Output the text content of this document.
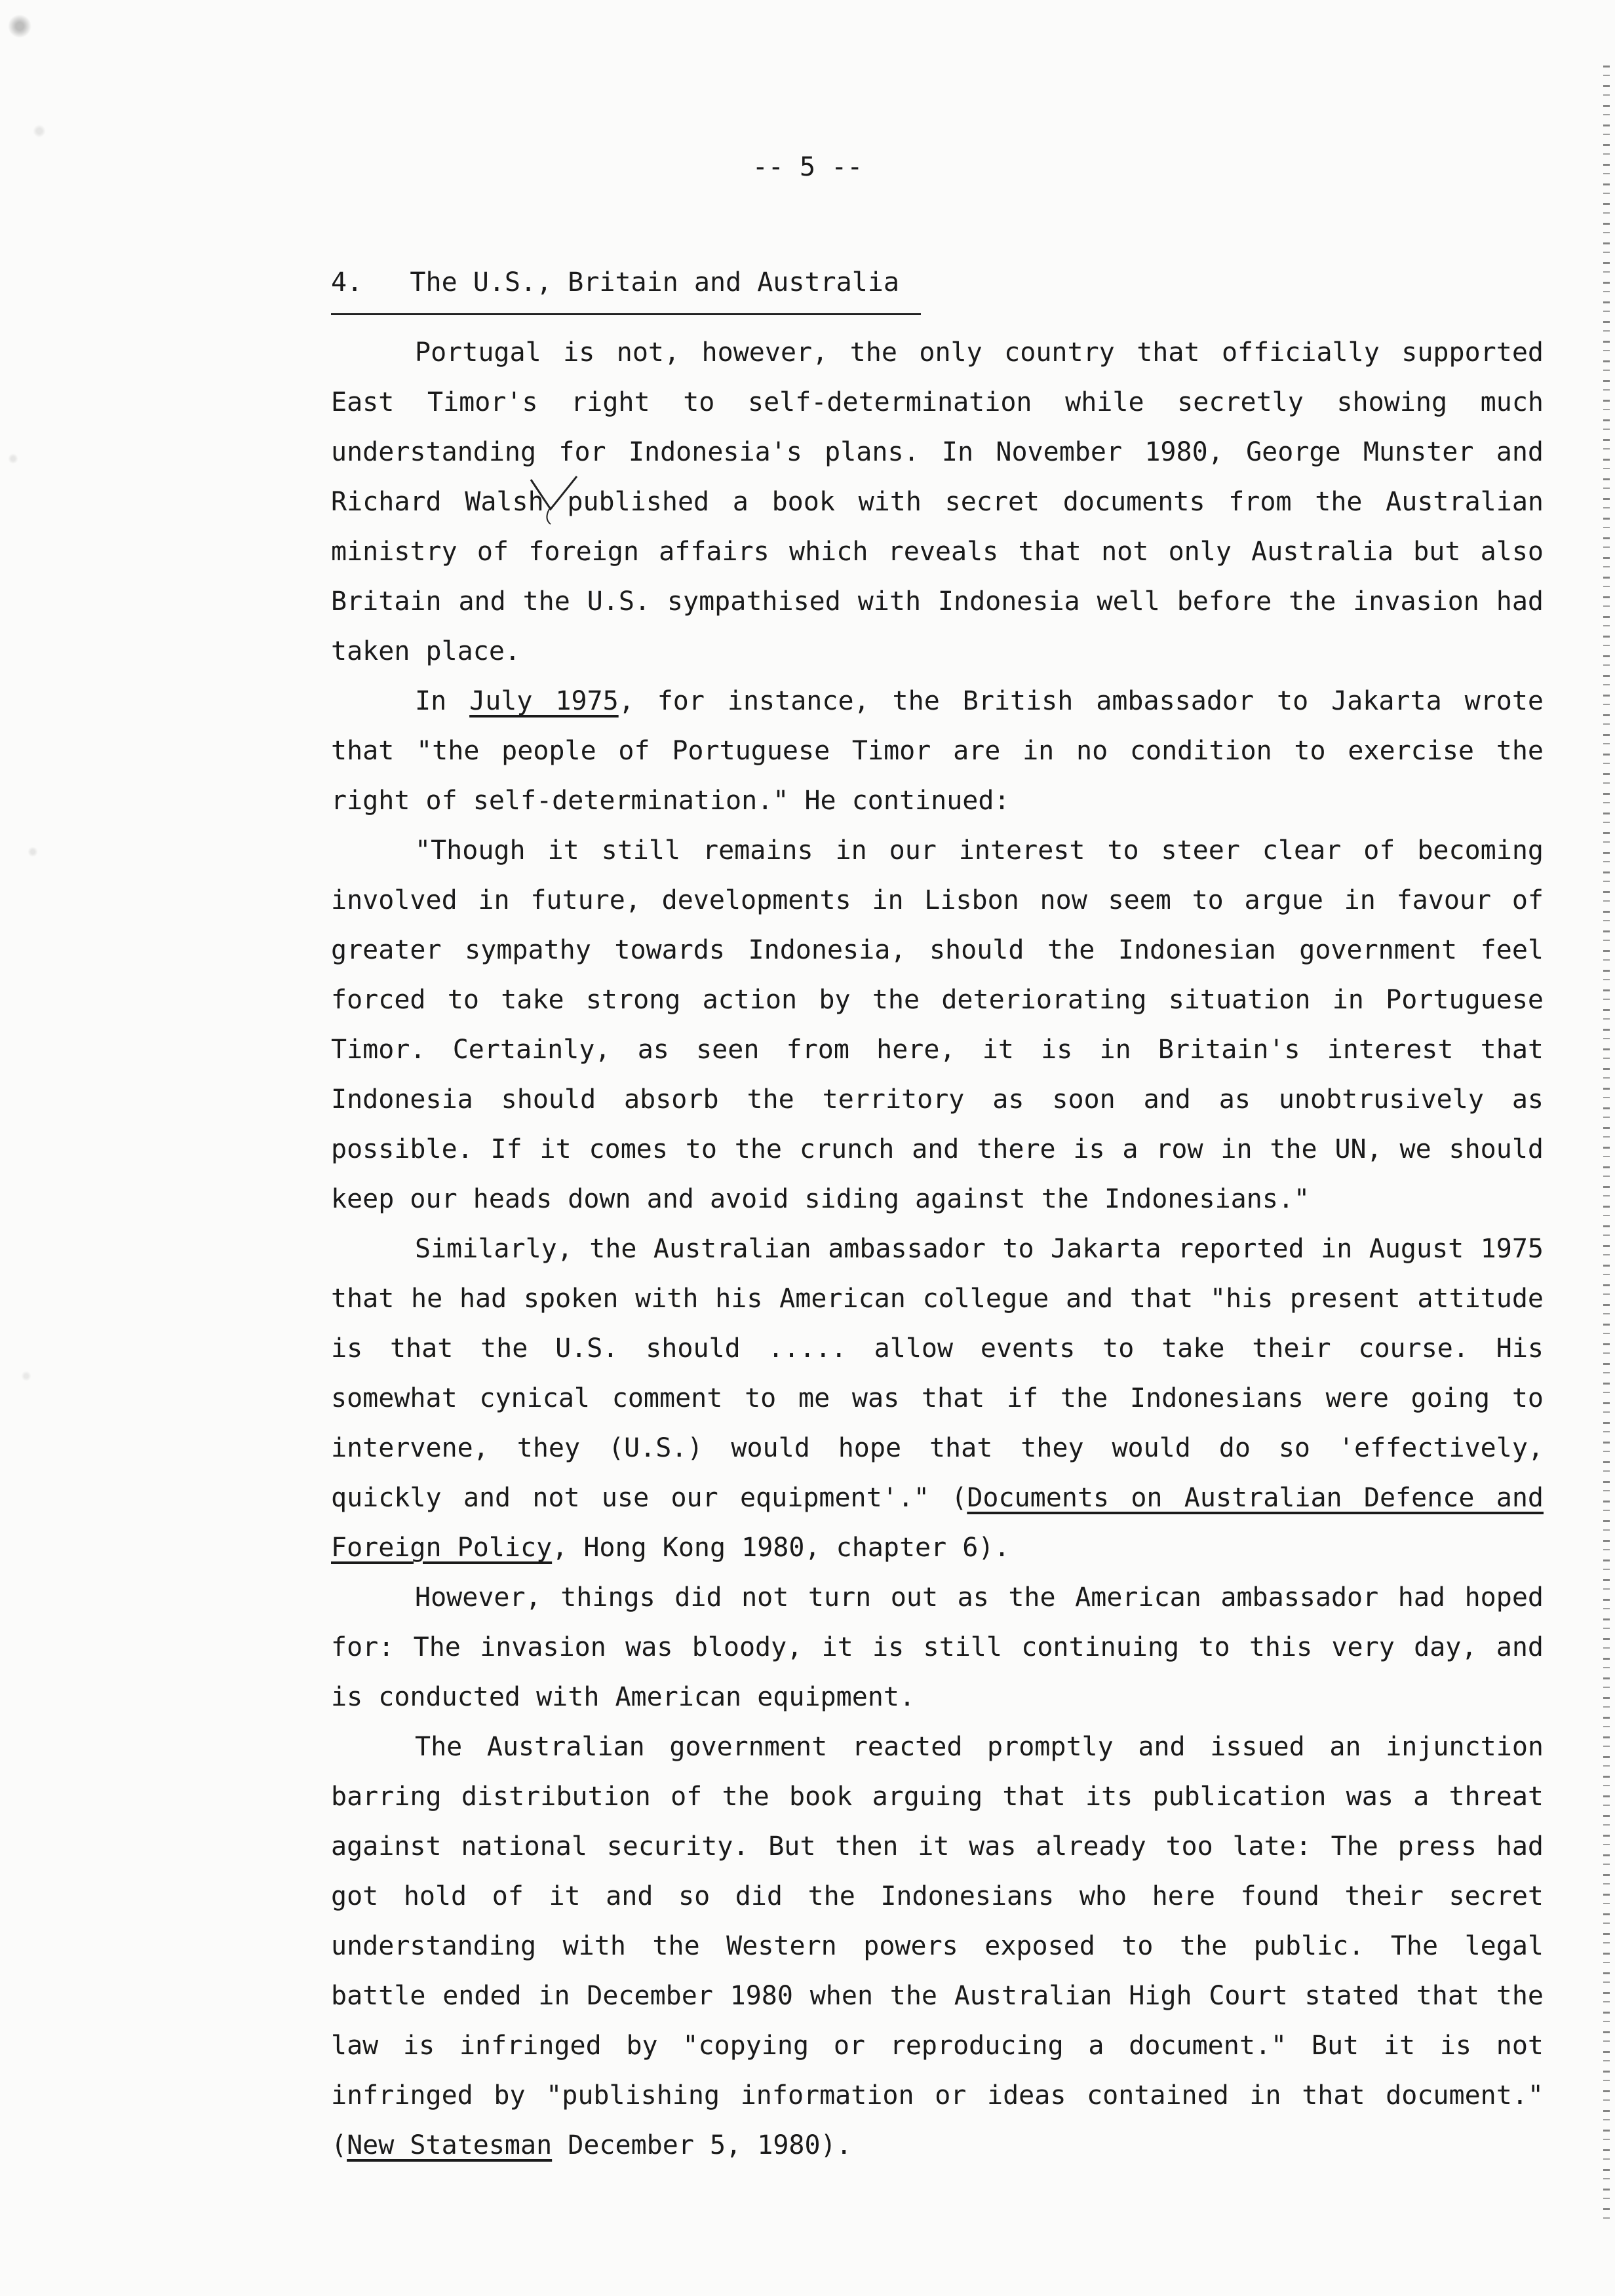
-- 5 --
4.   The U.S., Britain and Australia

Portugal is not, however, the only country that officially supported East Timor's right to self-determination while secretly showing much understanding for Indonesia's plans. In November 1980, George Munster and Richard Walsh published a book with secret documents from the Australian ministry of foreign affairs which reveals that not only Australia but also Britain and the U.S. sympathised with Indonesia well before the invasion had taken place.

In July 1975, for instance, the British ambassador to Jakarta wrote that "the people of Portuguese Timor are in no condition to exercise the right of self-determination." He continued:

"Though it still remains in our interest to steer clear of becoming involved in future, developments in Lisbon now seem to argue in favour of greater sympathy towards Indonesia, should the Indonesian government feel forced to take strong action by the deteriorating situation in Portuguese Timor. Certainly, as seen from here, it is in Britain's interest that Indonesia should absorb the territory as soon and as unobtrusively as possible. If it comes to the crunch and there is a row in the UN, we should keep our heads down and avoid siding against the Indonesians."

Similarly, the Australian ambassador to Jakarta reported in August 1975 that he had spoken with his American collegue and that "his present attitude is that the U.S. should ..... allow events to take their course. His somewhat cynical comment to me was that if the Indonesians were going to intervene, they (U.S.) would hope that they would do so 'effectively, quickly and not use our equipment'." (Documents on Australian Defence and Foreign Policy, Hong Kong 1980, chapter 6).

However, things did not turn out as the American ambassador had hoped for: The invasion was bloody, it is still continuing to this very day, and is conducted with American equipment.

The Australian government reacted promptly and issued an injunction barring distribution of the book arguing that its publication was a threat against national security. But then it was already too late: The press had got hold of it and so did the Indonesians who here found their secret understanding with the Western powers exposed to the public. The legal battle ended in December 1980 when the Australian High Court stated that the law is infringed by "copying or reproducing a document." But it is not infringed by "publishing information or ideas contained in that document." (New Statesman December 5, 1980).
